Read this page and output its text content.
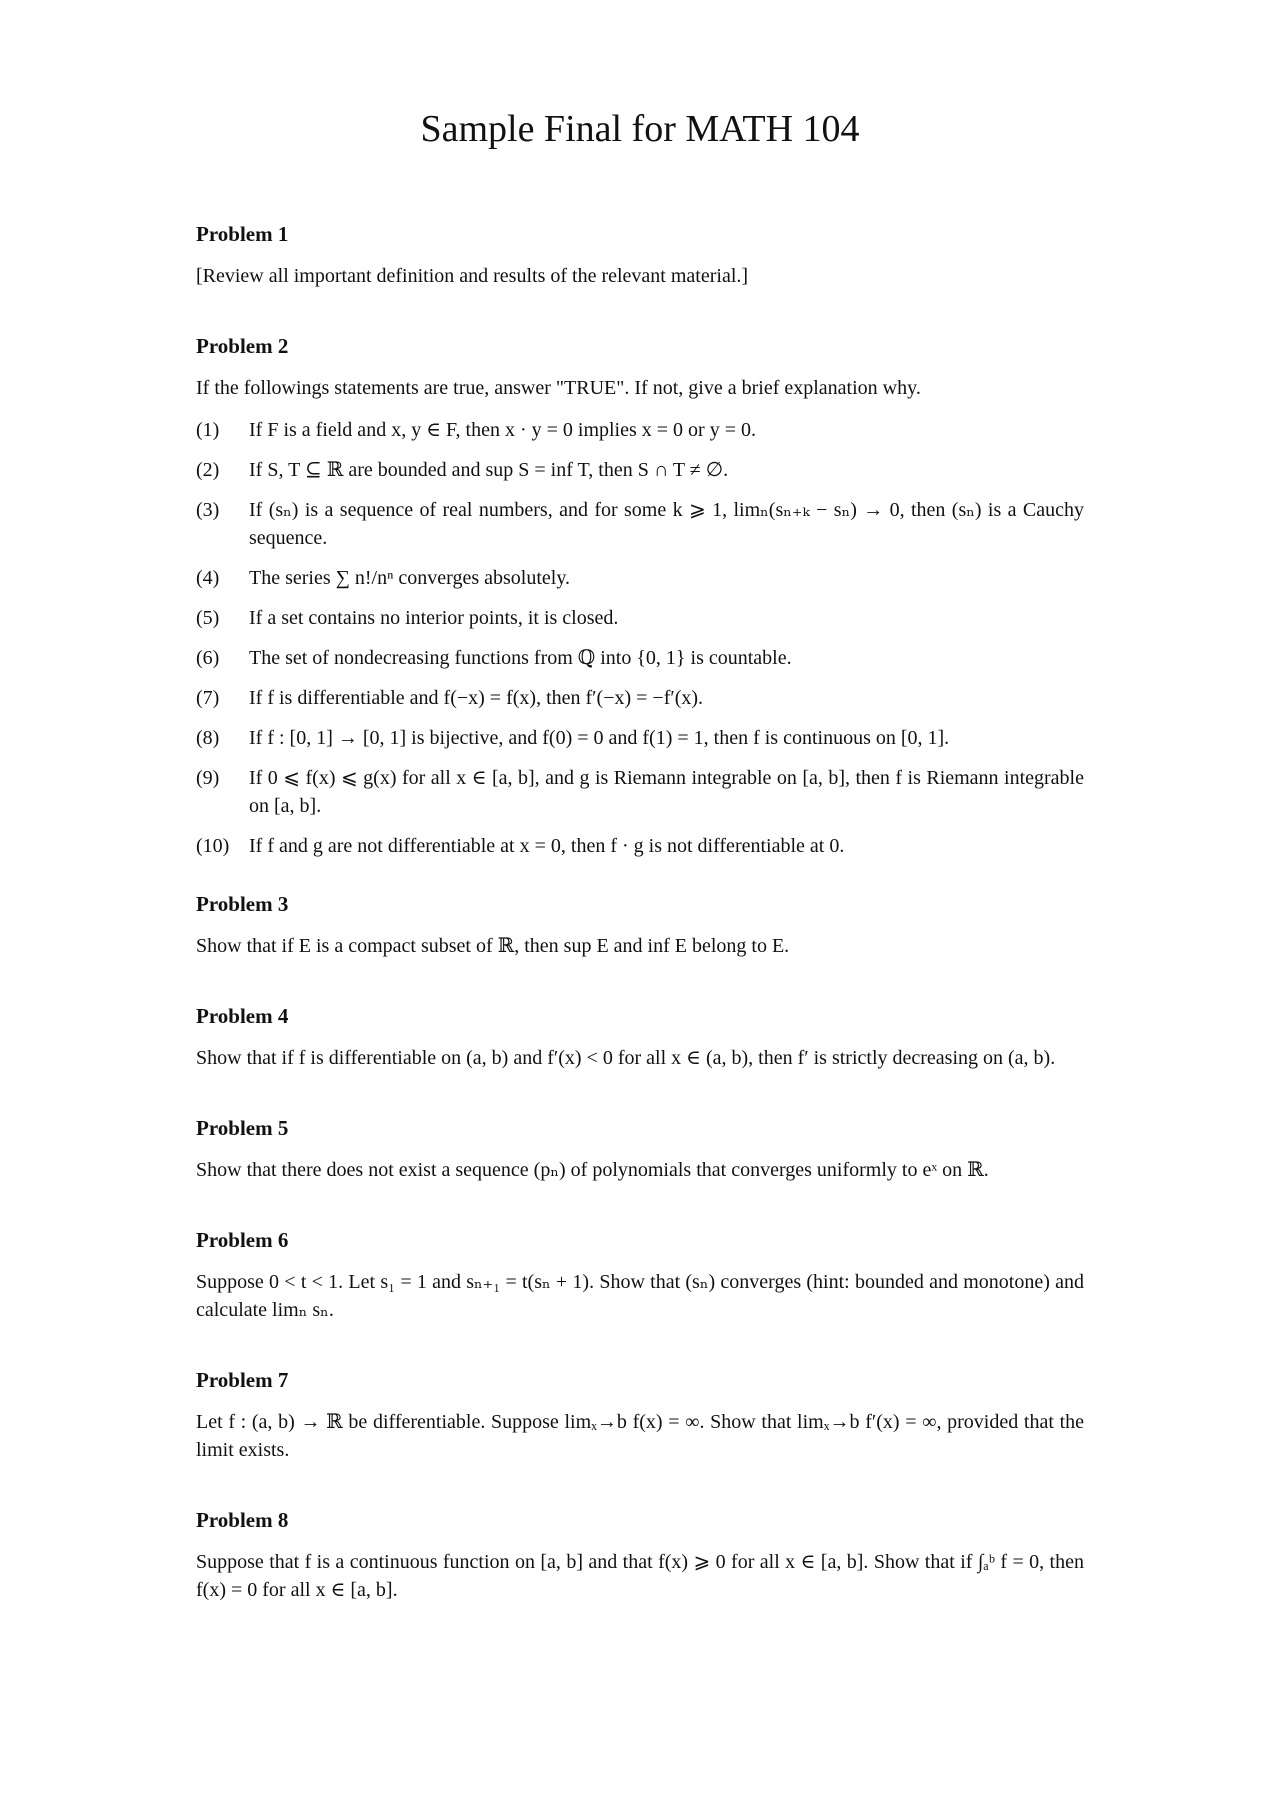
Sample Final for MATH 104
Problem 1

[Review all important definition and results of the relevant material.]

Problem 2

If the followings statements are true, answer "TRUE". If not, give a brief explanation why.

(1)	If F is a field and x, y ∈ F, then x · y = 0 implies x = 0 or y = 0.
(2)	If S, T ⊆ ℝ are bounded and sup S = inf T, then S ∩ T ≠ ∅.
(3)	If (sₙ) is a sequence of real numbers, and for some k ⩾ 1, limₙ(sₙ₊ₖ − sₙ) → 0, then (sₙ) is a Cauchy sequence.
(4)	The series ∑ n!/nⁿ converges absolutely.
(5)	If a set contains no interior points, it is closed.
(6)	The set of nondecreasing functions from ℚ into {0, 1} is countable.
(7)	If f is differentiable and f(−x) = f(x), then f′(−x) = −f′(x).
(8)	If f : [0, 1] → [0, 1] is bijective, and f(0) = 0 and f(1) = 1, then f is continuous on [0, 1].
(9)	If 0 ⩽ f(x) ⩽ g(x) for all x ∈ [a, b], and g is Riemann integrable on [a, b], then f is Riemann integrable on [a, b].
(10) If f and g are not differentiable at x = 0, then f · g is not differentiable at 0.
Problem 3

Show that if E is a compact subset of ℝ, then sup E and inf E belong to E.

Problem 4

Show that if f is differentiable on (a, b) and f′(x) < 0 for all x ∈ (a, b), then f′ is strictly decreasing on (a, b).

Problem 5

Show that there does not exist a sequence (pₙ) of polynomials that converges uniformly to eˣ on ℝ.

Problem 6

Suppose 0 < t < 1. Let s₁ = 1 and sₙ₊₁ = t(sₙ + 1). Show that (sₙ) converges (hint: bounded and monotone) and calculate limₙ sₙ.

Problem 7

Let f : (a, b) → ℝ be differentiable. Suppose limₓ→b f(x) = ∞. Show that limₓ→b f′(x) = ∞, provided that the limit exists.

Problem 8

Suppose that f is a continuous function on [a, b] and that f(x) ⩾ 0 for all x ∈ [a, b]. Show that if ∫ₐᵇ f = 0, then f(x) = 0 for all x ∈ [a, b].
